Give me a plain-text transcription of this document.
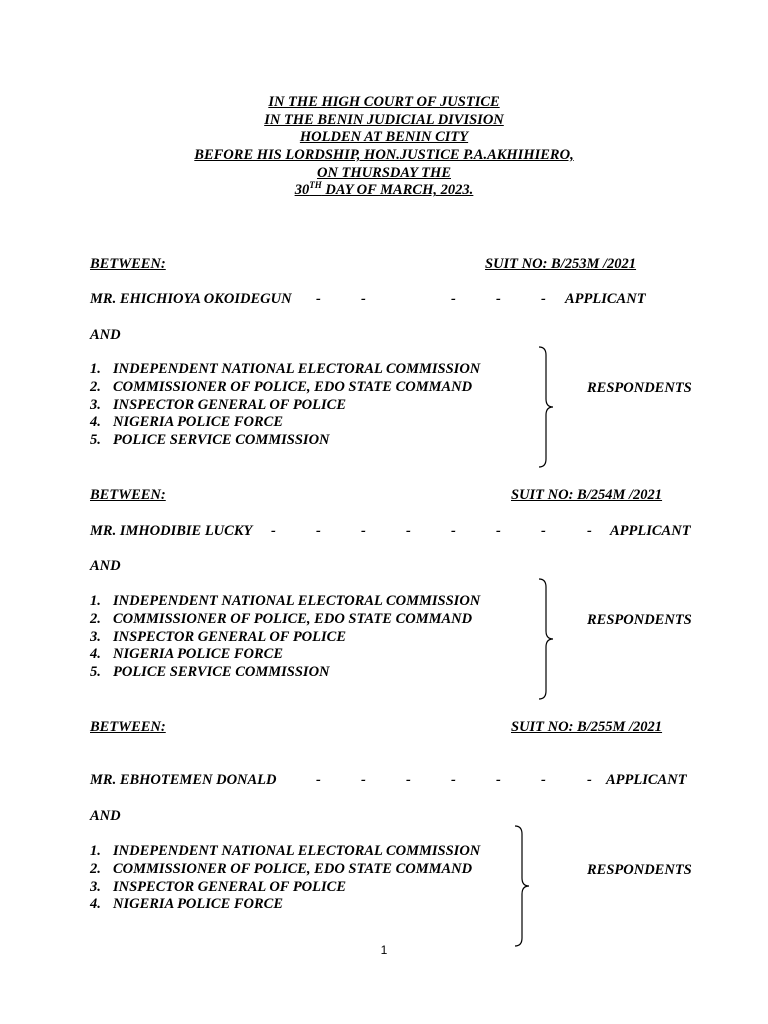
IN THE HIGH COURT OF JUSTICE
IN THE BENIN JUDICIAL DIVISION
HOLDEN AT BENIN CITY
BEFORE HIS LORDSHIP, HON.JUSTICE P.A.AKHIHIERO,
ON THURSDAY THE
30TH DAY OF MARCH, 2023.
BETWEEN:	SUIT NO: B/253M /2021
MR. EHICHIOYA OKOIDEGUN -	-	-	-	- APPLICANT
AND
1. INDEPENDENT NATIONAL ELECTORAL COMMISSION
2. COMMISSIONER OF POLICE, EDO STATE COMMAND
3. INSPECTOR GENERAL OF POLICE
4. NIGERIA POLICE FORCE
5. POLICE SERVICE COMMISSION
RESPONDENTS
BETWEEN:	SUIT NO: B/254M /2021
MR. IMHODIBIE LUCKY -	-	-	-	-	-	-	- APPLICANT
AND
1. INDEPENDENT NATIONAL ELECTORAL COMMISSION
2. COMMISSIONER OF POLICE, EDO STATE COMMAND
3. INSPECTOR GENERAL OF POLICE
4. NIGERIA POLICE FORCE
5. POLICE SERVICE COMMISSION
RESPONDENTS
BETWEEN:	SUIT NO: B/255M /2021
MR. EBHOTEMEN DONALD	-	-	-	-	-	-	- APPLICANT
AND
1. INDEPENDENT NATIONAL ELECTORAL COMMISSION
2. COMMISSIONER OF POLICE, EDO STATE COMMAND
3. INSPECTOR GENERAL OF POLICE
4. NIGERIA POLICE FORCE
RESPONDENTS
1
